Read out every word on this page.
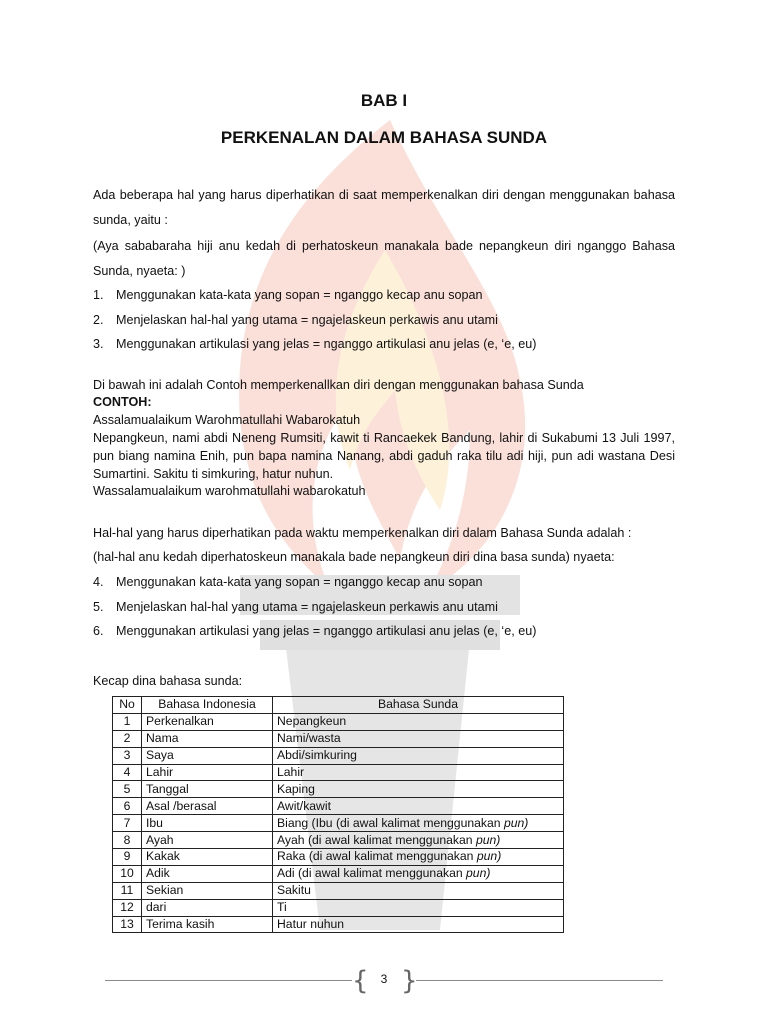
BAB I
PERKENALAN DALAM BAHASA SUNDA
Ada beberapa hal yang harus diperhatikan di saat memperkenalkan diri dengan menggunakan bahasa
sunda, yaitu :
(Aya sababaraha hiji anu kedah di perhatoskeun manakala bade nepangkeun diri nganggo Bahasa
Sunda, nyaeta: )
1. Menggunakan kata-kata yang sopan = nganggo kecap anu sopan
2. Menjelaskan hal-hal yang utama = ngajelaskeun perkawis anu utami
3. Menggunakan artikulasi yang jelas = nganggo artikulasi anu jelas (e, ‘e, eu)
Di bawah ini adalah Contoh memperkenallkan diri dengan menggunakan bahasa Sunda
CONTOH:
Assalamualaikum Warohmatullahi Wabarokatuh
Nepangkeun, nami abdi Neneng Rumsiti, kawit ti Rancaekek Bandung, lahir di Sukabumi 13 Juli 1997,
pun biang namina Enih, pun bapa namina Nanang, abdi gaduh raka tilu adi hiji, pun adi wastana Desi
Sumartini. Sakitu ti simkuring, hatur nuhun.
Wassalamualaikum warohmatullahi wabarokatuh
Hal-hal yang harus diperhatikan pada waktu memperkenalkan diri dalam Bahasa Sunda adalah :
(hal-hal anu kedah diperhatoskeun manakala bade nepangkeun diri dina basa sunda) nyaeta:
4. Menggunakan kata-kata yang sopan = nganggo kecap anu sopan
5. Menjelaskan hal-hal yang utama = ngajelaskeun perkawis anu utami
6. Menggunakan artikulasi yang jelas = nganggo artikulasi anu jelas (e, ‘e, eu)
Kecap dina bahasa sunda:
No	Bahasa Indonesia	Bahasa Sunda
1	Perkenalkan	Nepangkeun
2	Nama	Nami/wasta
3	Saya	Abdi/simkuring
4	Lahir	Lahir
5	Tanggal	Kaping
6	Asal /berasal	Awit/kawit
7	Ibu	Biang (Ibu (di awal kalimat menggunakan pun)
8	Ayah	Ayah (di awal kalimat menggunakan pun)
9	Kakak	Raka (di awal kalimat menggunakan pun)
10	Adik	Adi (di awal kalimat menggunakan pun)
11	Sekian	Sakitu
12	dari	Ti
13	Terima kasih	Hatur nuhun
{ }
3
